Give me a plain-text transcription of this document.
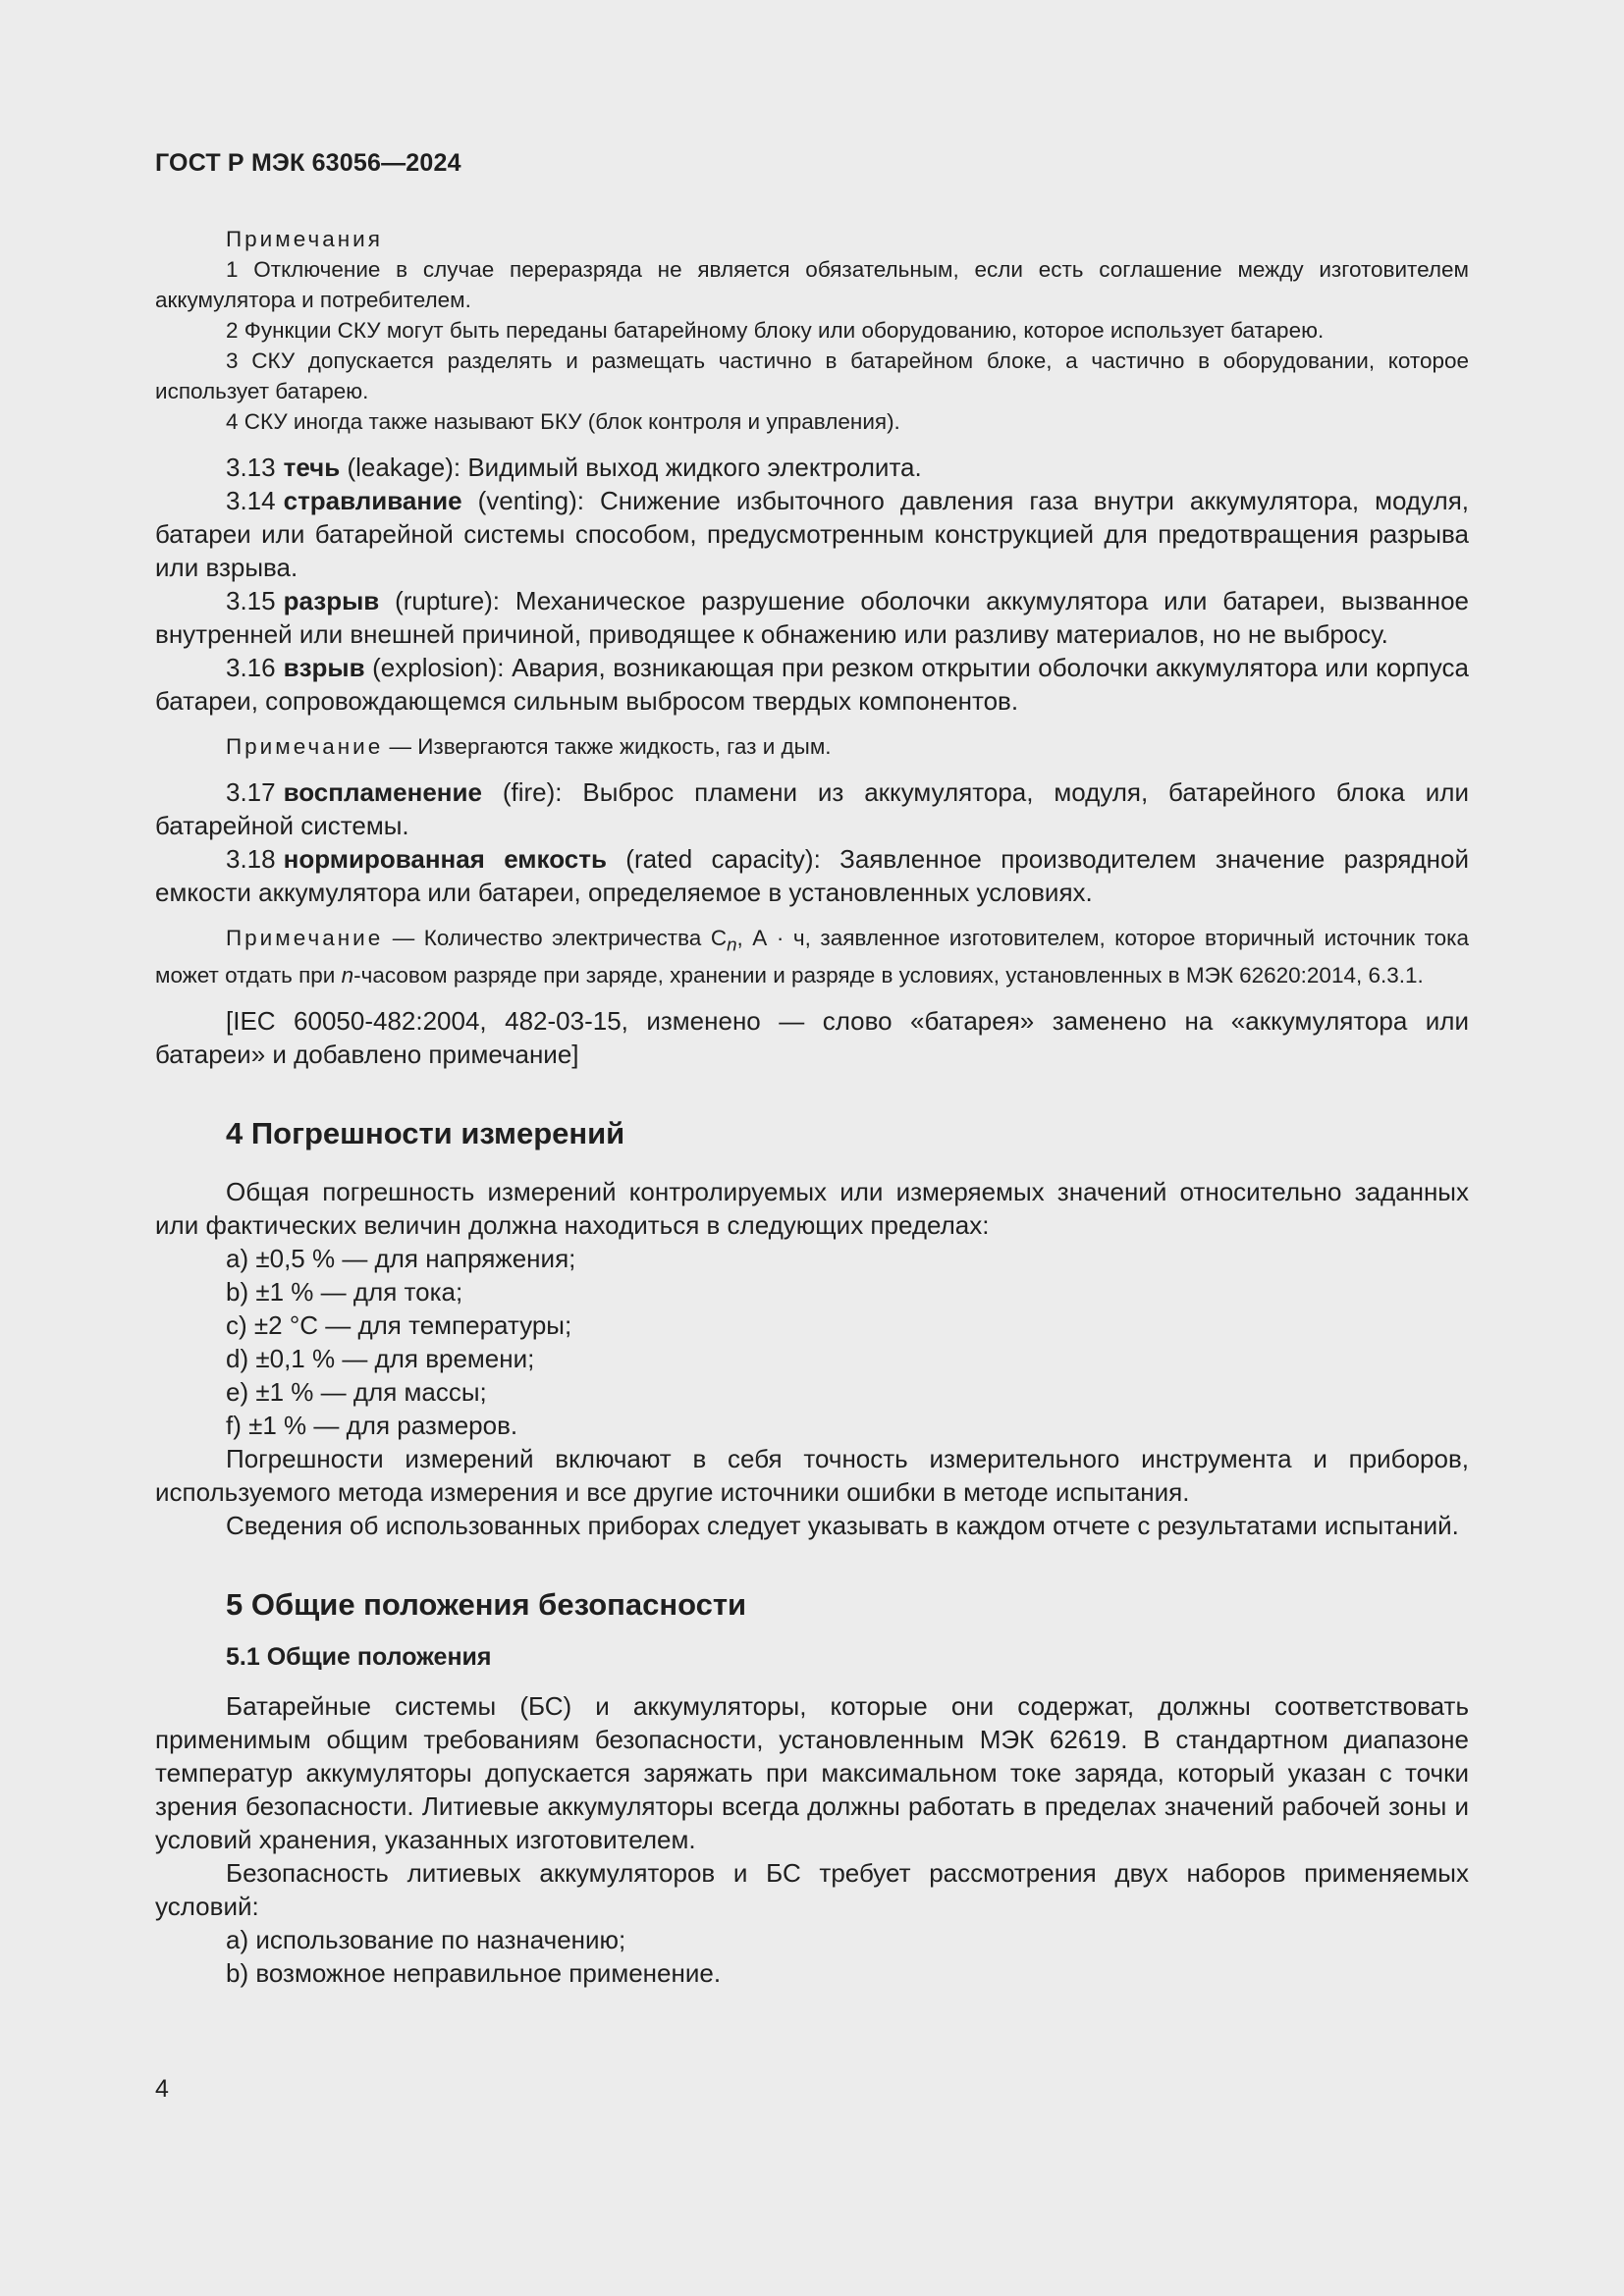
ГОСТ Р МЭК 63056—2024

Примечания

1 Отключение в случае переразряда не является обязательным, если есть соглашение между изготовителем аккумулятора и потребителем.

2 Функции СКУ могут быть переданы батарейному блоку или оборудованию, которое использует батарею.

3 СКУ допускается разделять и размещать частично в батарейном блоке, а частично в оборудовании, которое использует батарею.

4 СКУ иногда также называют БКУ (блок контроля и управления).

3.13 течь (leakage): Видимый выход жидкого электролита.

3.14 стравливание (venting): Снижение избыточного давления газа внутри аккумулятора, модуля, батареи или батарейной системы способом, предусмотренным конструкцией для предотвращения разрыва или взрыва.

3.15 разрыв (rupture): Механическое разрушение оболочки аккумулятора или батареи, вызванное внутренней или внешней причиной, приводящее к обнажению или разливу материалов, но не выбросу.

3.16 взрыв (explosion): Авария, возникающая при резком открытии оболочки аккумулятора или корпуса батареи, сопровождающемся сильным выбросом твердых компонентов.

Примечание — Извергаются также жидкость, газ и дым.

3.17 воспламенение (fire): Выброс пламени из аккумулятора, модуля, батарейного блока или батарейной системы.

3.18 нормированная емкость (rated capacity): Заявленное производителем значение разрядной емкости аккумулятора или батареи, определяемое в установленных условиях.

Примечание — Количество электричества $C_n$, А · ч, заявленное изготовителем, которое вторичный источник тока может отдать при n-часовом разряде при заряде, хранении и разряде в условиях, установленных в МЭК 62620:2014, 6.3.1.

[IEC 60050-482:2004, 482-03-15, изменено — слово «батарея» заменено на «аккумулятора или батареи» и добавлено примечание]

4 Погрешности измерений

Общая погрешность измерений контролируемых или измеряемых значений относительно заданных или фактических величин должна находиться в следующих пределах:

a) ±0,5 % — для напряжения;
b) ±1 % — для тока;
c) ±2 °C — для температуры;
d) ±0,1 % — для времени;
e) ±1 % — для массы;
f) ±1 % — для размеров.

Погрешности измерений включают в себя точность измерительного инструмента и приборов, используемого метода измерения и все другие источники ошибки в методе испытания.

Сведения об использованных приборах следует указывать в каждом отчете с результатами испытаний.

5 Общие положения безопасности
5.1 Общие положения

Батарейные системы (БС) и аккумуляторы, которые они содержат, должны соответствовать применимым общим требованиям безопасности, установленным МЭК 62619. В стандартном диапазоне температур аккумуляторы допускается заряжать при максимальном токе заряда, который указан с точки зрения безопасности. Литиевые аккумуляторы всегда должны работать в пределах значений рабочей зоны и условий хранения, указанных изготовителем.

Безопасность литиевых аккумуляторов и БС требует рассмотрения двух наборов применяемых условий:

a) использование по назначению;
b) возможное неправильное применение.
4
